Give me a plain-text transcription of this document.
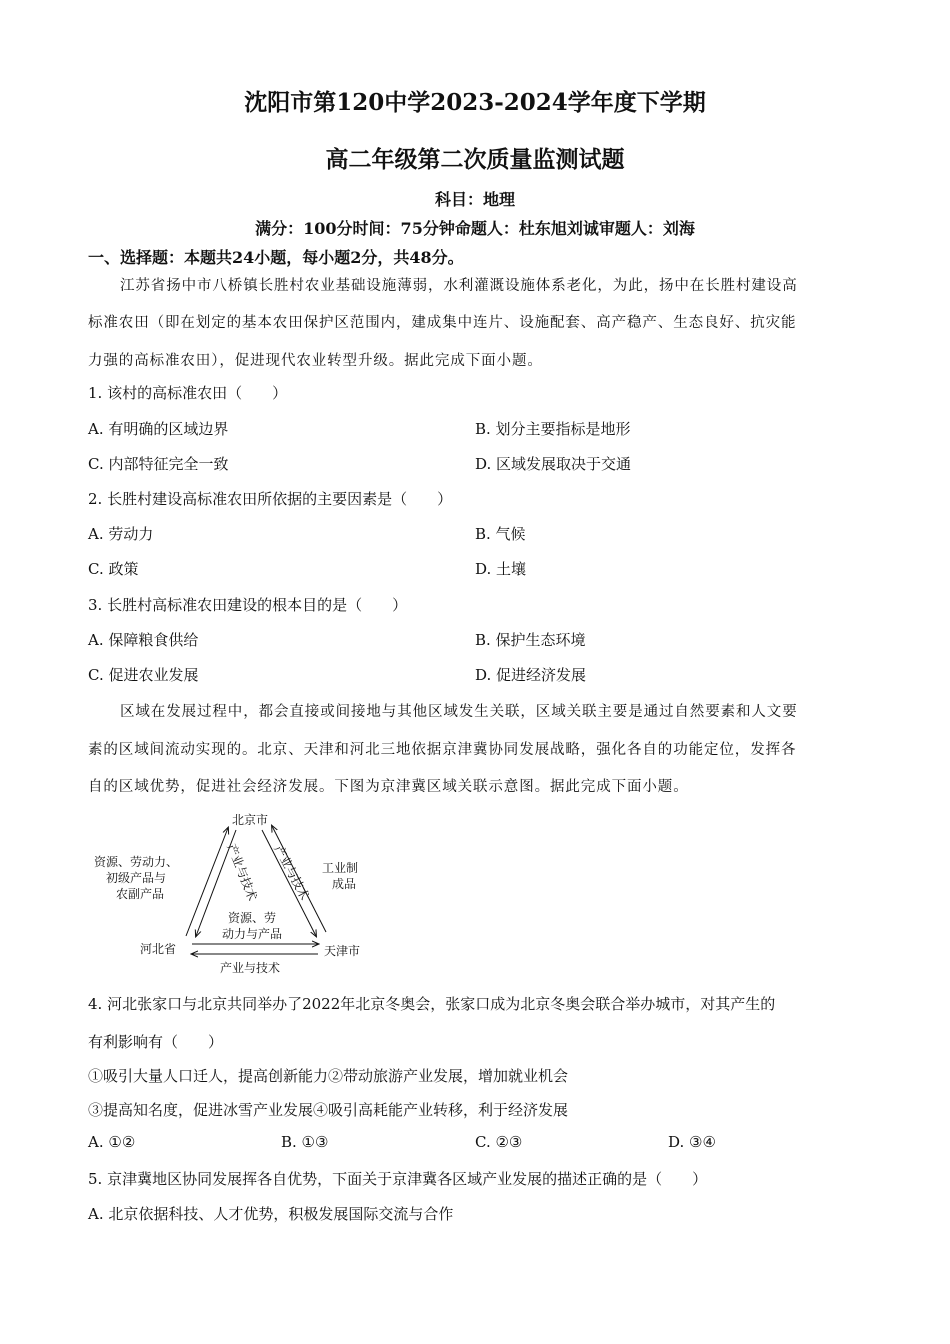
沈阳市第120中学2023-2024学年度下学期
高二年级第二次质量监测试题
科目：地理
满分：100分时间：75分钟命题人：杜东旭刘诚审题人：刘海
一、选择题：本题共24小题，每小题2分，共48分。
江苏省扬中市八桥镇长胜村农业基础设施薄弱，水利灌溉设施体系老化，为此，扬中在长胜村建设高
标准农田（即在划定的基本农田保护区范围内，建成集中连片、设施配套、高产稳产、生态良好、抗灾能
力强的高标准农田），促进现代农业转型升级。据此完成下面小题。
1. 该村的高标准农田（　　）
A. 有明确的区域边界	B. 划分主要指标是地形
C. 内部特征完全一致	D. 区域发展取决于交通
2. 长胜村建设高标准农田所依据的主要因素是（　　）
A. 劳动力	B. 气候
C. 政策	D. 土壤
3. 长胜村高标准农田建设的根本目的是（　　）
A. 保障粮食供给	B. 保护生态环境
C. 促进农业发展	D. 促进经济发展
区域在发展过程中，都会直接或间接地与其他区域发生关联，区域关联主要是通过自然要素和人文要
素的区域间流动实现的。北京、天津和河北三地依据京津冀协同发展战略，强化各自的功能定位，发挥各
自的区域优势，促进社会经济发展。下图为京津冀区域关联示意图。据此完成下面小题。
北京市
河北省	天津市
资源、劳动力、
初级产品与
农副产品	产业与技术 产业与技术 工业制
成品
资源、劳
动力与产品
产业与技术
4. 河北张家口与北京共同举办了2022年北京冬奥会，张家口成为北京冬奥会联合举办城市，对其产生的
有利影响有（　　）
①吸引大量人口迁人，提高创新能力②带动旅游产业发展，增加就业机会
③提高知名度，促进冰雪产业发展④吸引高耗能产业转移，利于经济发展
A. ①②	B. ①③	C. ②③	D. ③④
5. 京津冀地区协同发展挥各自优势，下面关于京津冀各区域产业发展的描述正确的是（　　）
A. 北京依据科技、人才优势，积极发展国际交流与合作
